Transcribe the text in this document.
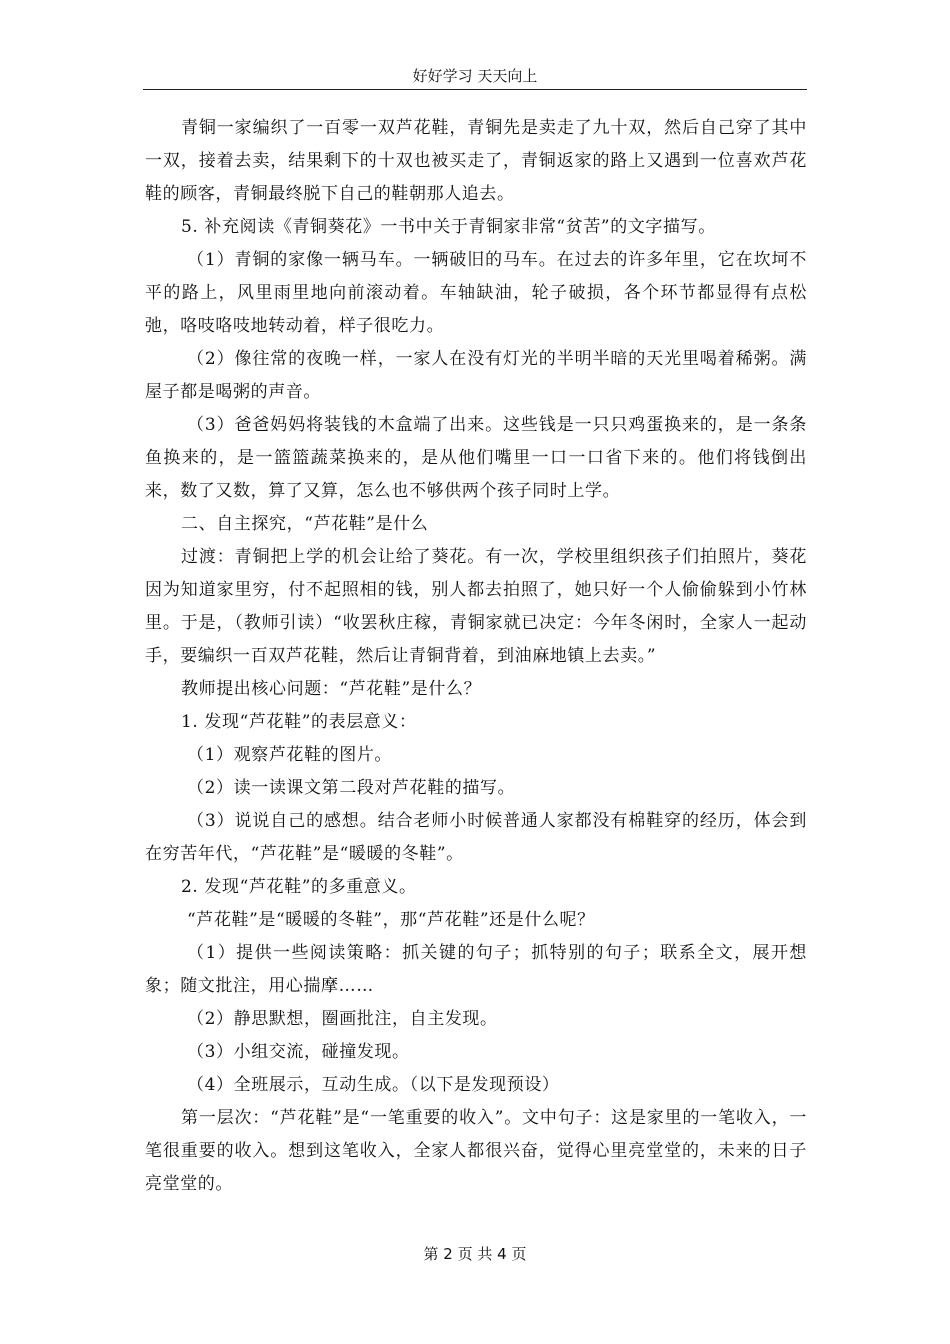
好好学习 天天向上

青铜一家编织了一百零一双芦花鞋，青铜先是卖走了九十双，然后自己穿了其中一双，接着去卖，结果剩下的十双也被买走了，青铜返家的路上又遇到一位喜欢芦花鞋的顾客，青铜最终脱下自己的鞋朝那人追去。

5. 补充阅读《青铜葵花》一书中关于青铜家非常“贫苦”的文字描写。

（1）青铜的家像一辆马车。一辆破旧的马车。在过去的许多年里，它在坎坷不平的路上，风里雨里地向前滚动着。车轴缺油，轮子破损，各个环节都显得有点松弛，咯吱咯吱地转动着，样子很吃力。

（2）像往常的夜晚一样，一家人在没有灯光的半明半暗的天光里喝着稀粥。满屋子都是喝粥的声音。

（3）爸爸妈妈将装钱的木盒端了出来。这些钱是一只只鸡蛋换来的，是一条条鱼换来的，是一篮篮蔬菜换来的，是从他们嘴里一口一口省下来的。他们将钱倒出来，数了又数，算了又算，怎么也不够供两个孩子同时上学。

二、自主探究，“芦花鞋”是什么

过渡：青铜把上学的机会让给了葵花。有一次，学校里组织孩子们拍照片，葵花因为知道家里穷，付不起照相的钱，别人都去拍照了，她只好一个人偷偷躲到小竹林里。于是，（教师引读）“收罢秋庄稼，青铜家就已决定：今年冬闲时，全家人一起动手，要编织一百双芦花鞋，然后让青铜背着，到油麻地镇上去卖。”

教师提出核心问题：“芦花鞋”是什么？

1. 发现“芦花鞋”的表层意义：

（1）观察芦花鞋的图片。

（2）读一读课文第二段对芦花鞋的描写。

（3）说说自己的感想。结合老师小时候普通人家都没有棉鞋穿的经历，体会到在穷苦年代，“芦花鞋”是“暖暖的冬鞋”。

2. 发现“芦花鞋”的多重意义。

“芦花鞋”是“暖暖的冬鞋”，那“芦花鞋”还是什么呢？

（1）提供一些阅读策略：抓关键的句子；抓特别的句子；联系全文，展开想象；随文批注，用心揣摩……

（2）静思默想，圈画批注，自主发现。

（3）小组交流，碰撞发现。

（4）全班展示，互动生成。（以下是发现预设）

第一层次：“芦花鞋”是“一笔重要的收入”。文中句子：这是家里的一笔收入，一笔很重要的收入。想到这笔收入，全家人都很兴奋，觉得心里亮堂堂的，未来的日子亮堂堂的。

第 2 页 共 4 页
